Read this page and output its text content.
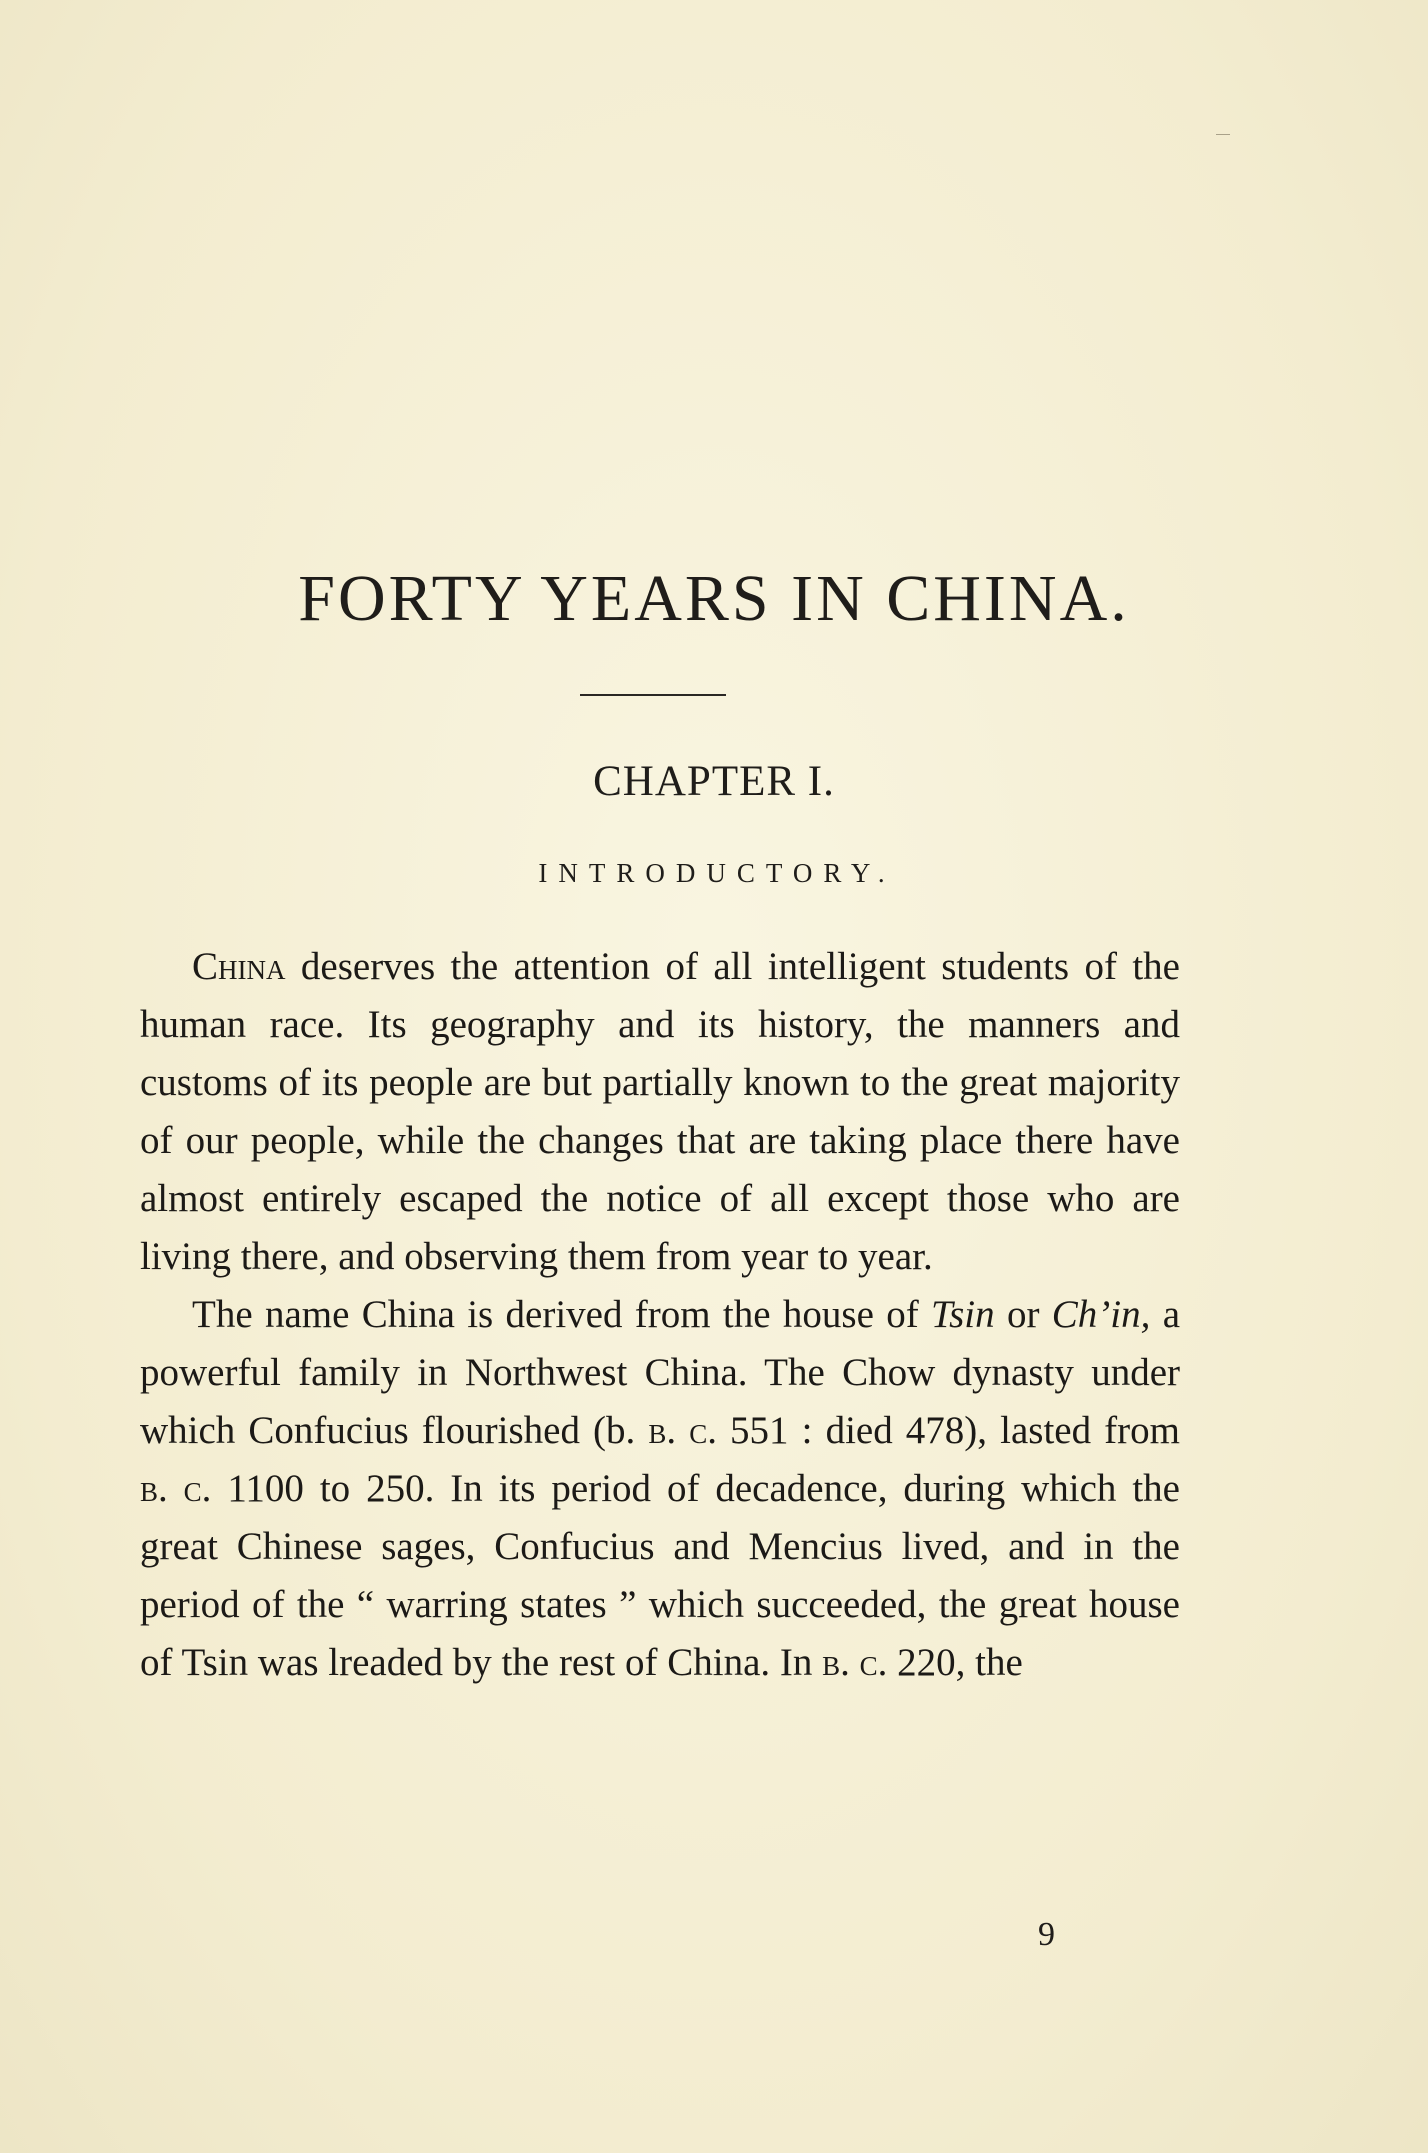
FORTY YEARS IN CHINA.
CHAPTER I.
INTRODUCTORY.

China deserves the attention of all intelligent students of the human race. Its geography and its history, the manners and customs of its people are but partially known to the great majority of our people, while the changes that are taking place there have almost entirely escaped the notice of all except those who are living there, and observing them from year to year.

The name China is derived from the house of Tsin or Ch’in, a powerful family in Northwest China. The Chow dynasty under which Confucius flourished (b. b. c. 551 : died 478), lasted from b. c. 1100 to 250. In its period of decadence, during which the great Chinese sages, Confucius and Mencius lived, and in the period of the “ warring states ” which succeeded, the great house of Tsin was lreaded by the rest of China. In b. c. 220, the

9
